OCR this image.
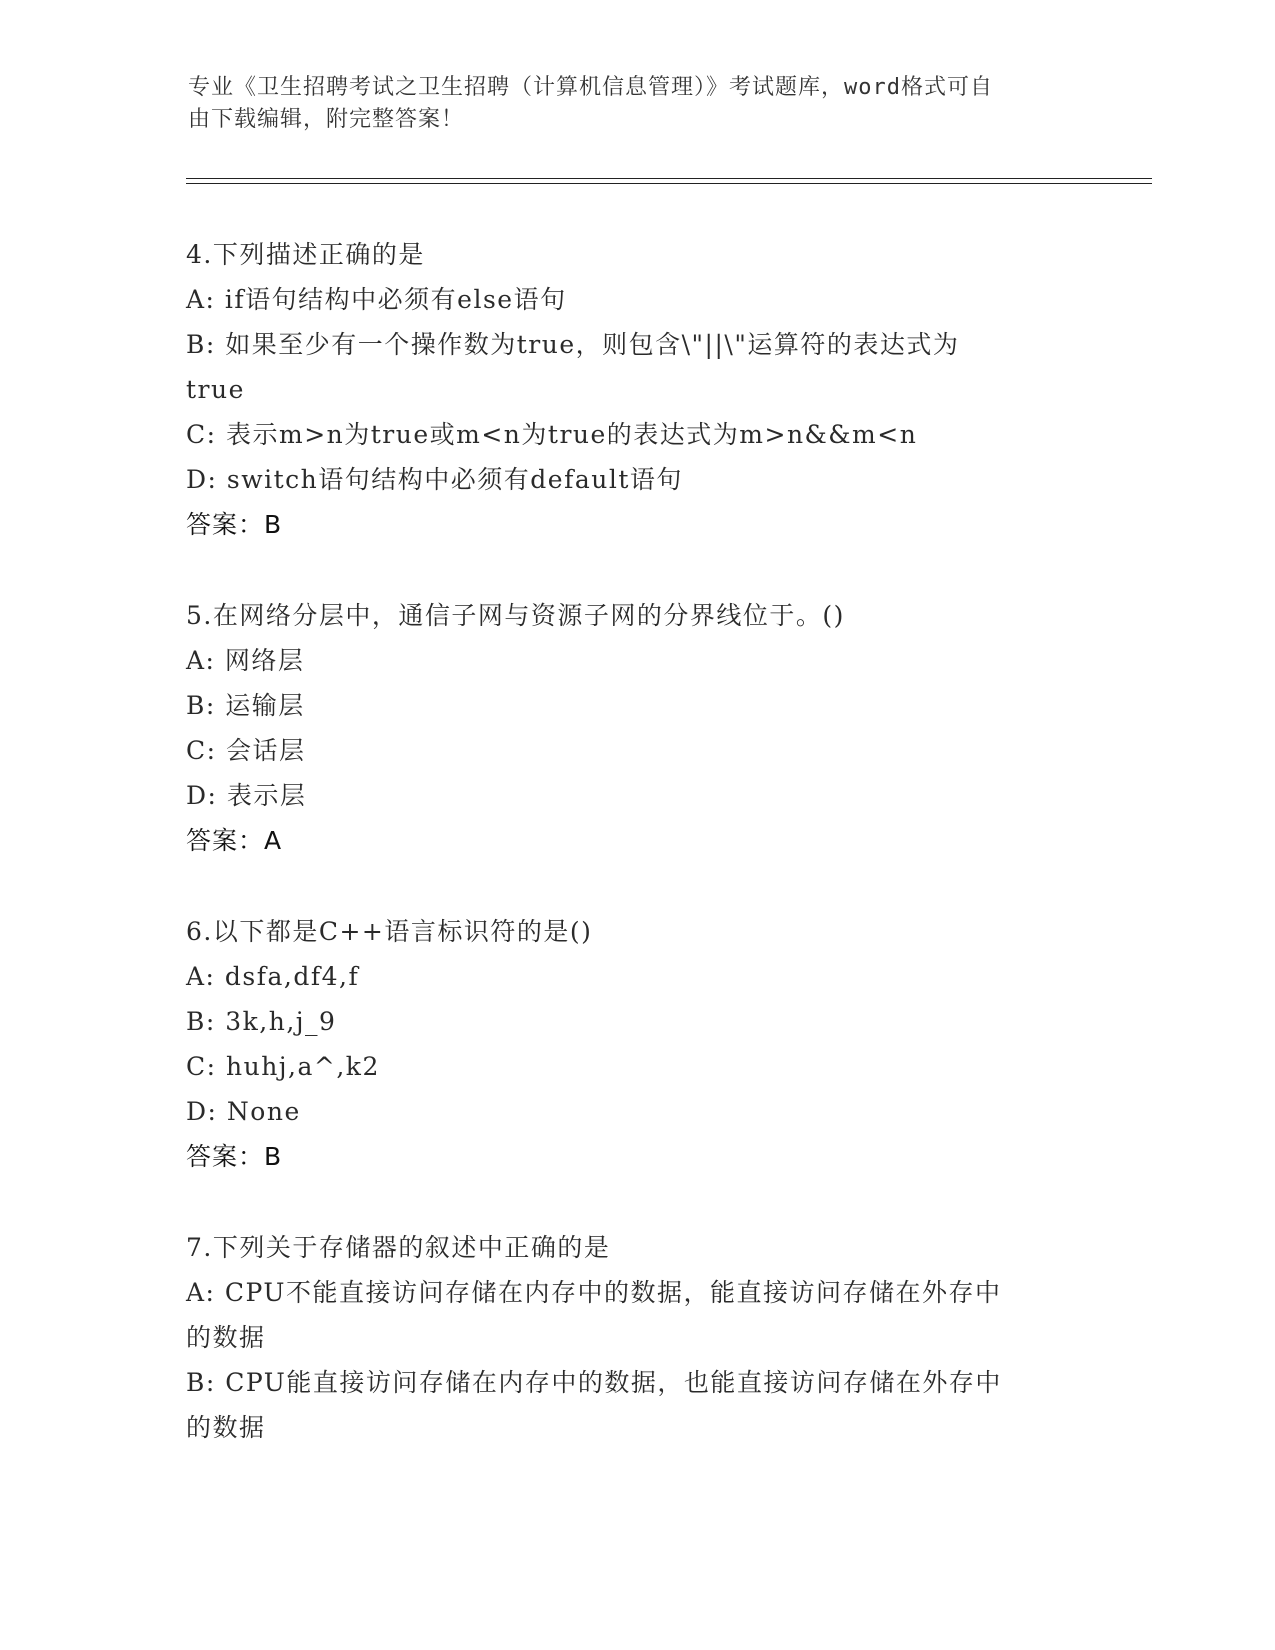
专业《卫生招聘考试之卫生招聘（计算机信息管理）》考试题库，word格式可自
由下载编辑，附完整答案！
4.下列描述正确的是
A: if语句结构中必须有else语句
B: 如果至少有一个操作数为true，则包含\"||\"运算符的表达式为
true
C: 表示m>n为true或m<n为true的表达式为m>n&&m<n
D: switch语句结构中必须有default语句
答案：B
5.在网络分层中，通信子网与资源子网的分界线位于。()
A: 网络层
B: 运输层
C: 会话层
D: 表示层
答案：A
6.以下都是C++语言标识符的是()
A: dsfa,df4,f
B: 3k,h,j_9
C: huhj,a^,k2
D: None
答案：B
7.下列关于存储器的叙述中正确的是
A: CPU不能直接访问存储在内存中的数据，能直接访问存储在外存中
的数据
B: CPU能直接访问存储在内存中的数据，也能直接访问存储在外存中
的数据
